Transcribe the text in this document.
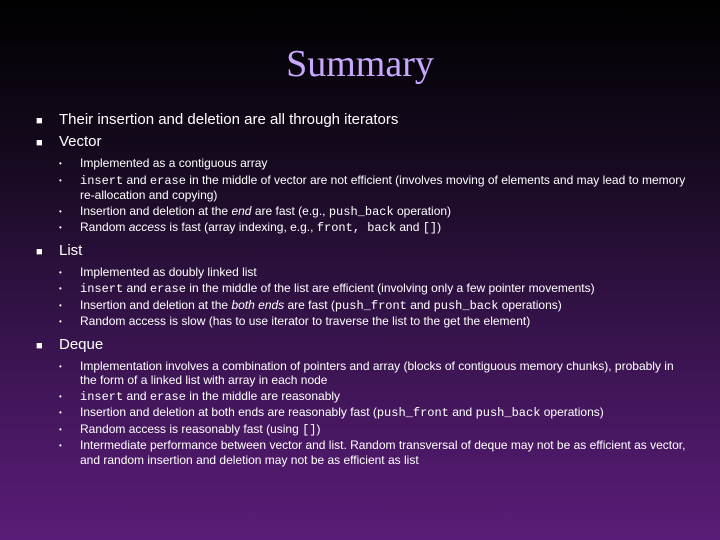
Summary
■	Their insertion and deletion are all through iterators
■	Vector
•	Implemented as a contiguous array
•	insert and erase in the middle of vector are not efficient (involves moving of elements and may lead to memory re-allocation and copying)
•	Insertion and deletion at the end are fast (e.g., push_back operation)
•	Random access is fast (array indexing, e.g., front, back and [])
■	List
•	Implemented as doubly linked list
•	insert and erase in the middle of the list are efficient (involving only a few pointer movements)
•	Insertion and deletion at the both ends are fast (push_front and push_back operations)
•	Random access is slow (has to use iterator to traverse the list to the get the element)
■	Deque
•	Implementation involves a combination of pointers and array (blocks of contiguous memory chunks), probably in the form of a linked list with array in each node
•	insert and erase in the middle are reasonably
•	Insertion and deletion at both ends are reasonably fast (push_front and push_back operations)
•	Random access is reasonably fast (using [])
•	Intermediate performance between vector and list. Random transversal of deque may not be as efficient as vector, and random insertion and deletion may not be as efficient as list
